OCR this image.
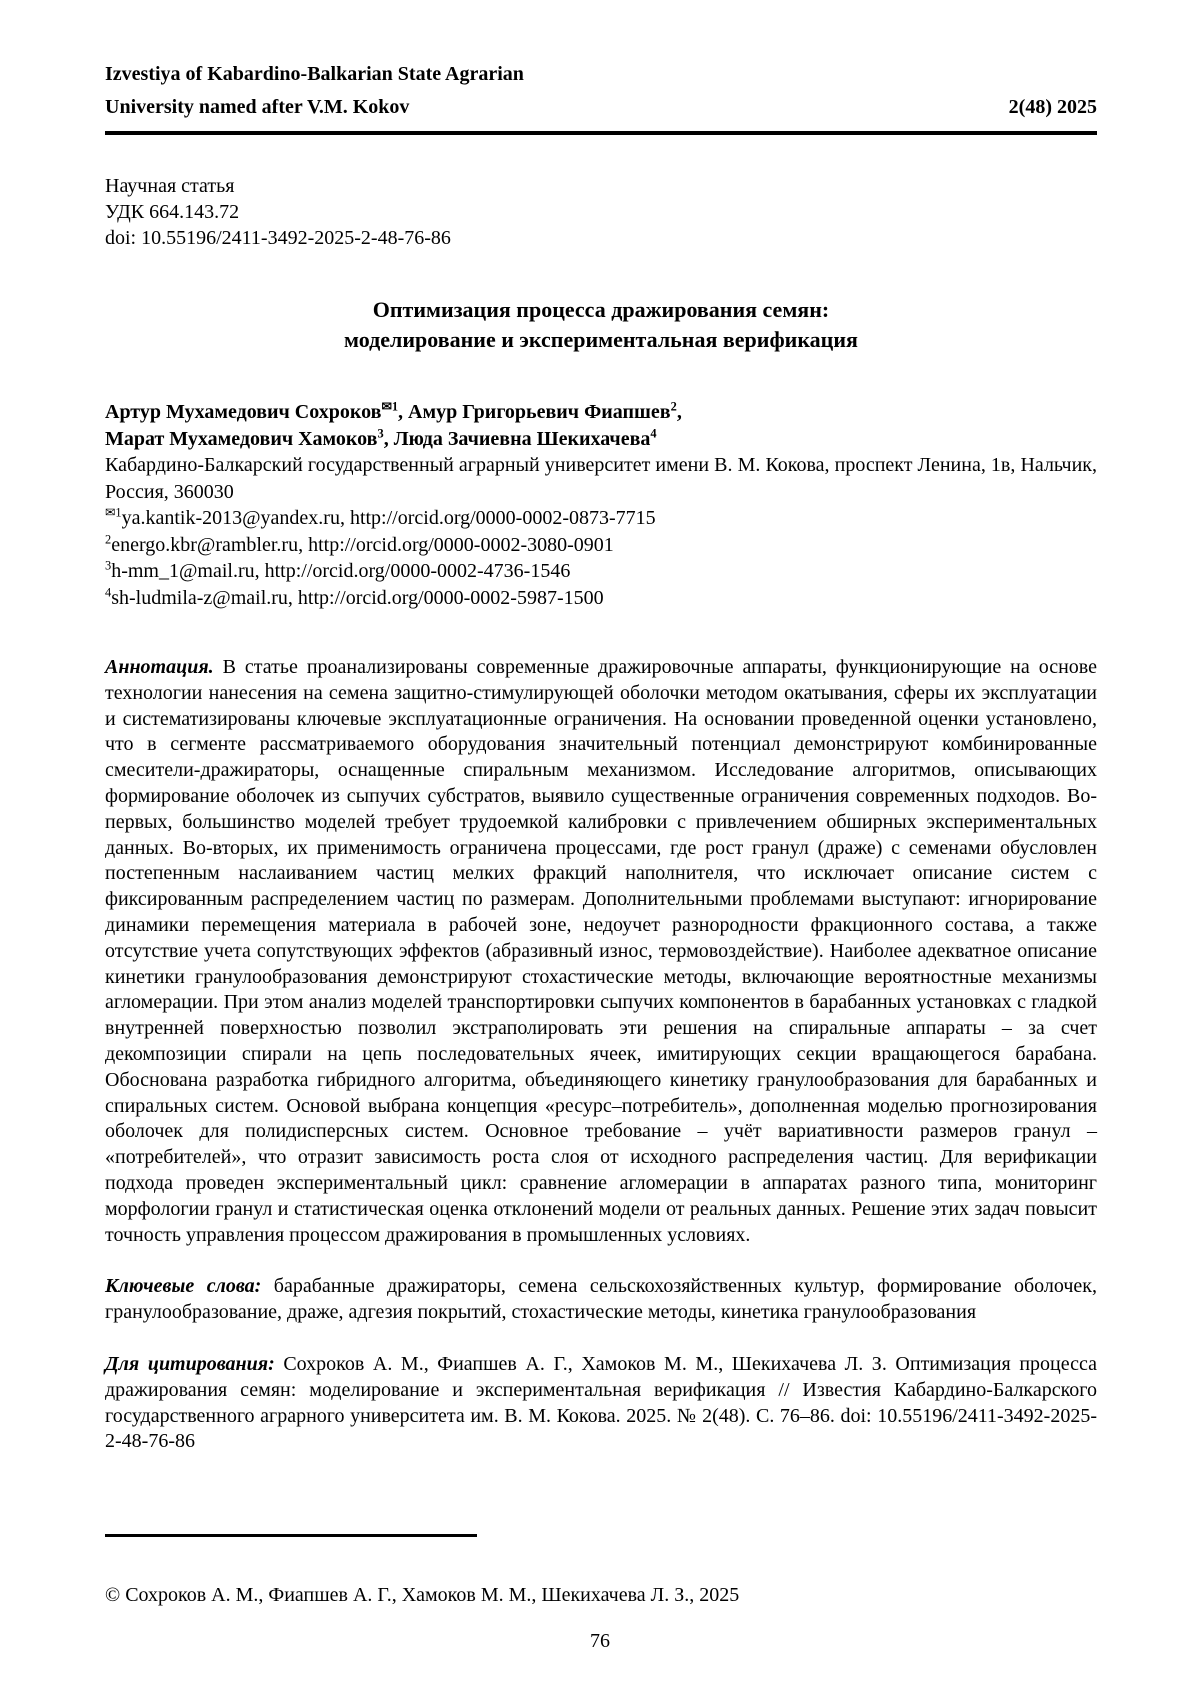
Izvestiya of Kabardino-Balkarian State Agrarian

University named after V.M. Kokov	2(48) 2025

Научная статья

УДК 664.143.72

doi: 10.55196/2411-3492-2025-2-48-76-86

Оптимизация процесса дражирования семян:

моделирование и экспериментальная верификация

Артур Мухамедович Сохроков$^{✉1}$, Амур Григорьевич Фиапшев$^2$,

Марат Мухамедович Хамоков$^3$, Люда Зачиевна Шекихачева$^4$

Кабардино-Балкарский государственный аграрный университет имени В. М. Кокова, проспект Ленина, 1в, Нальчик, Россия, 360030

$^{✉1}$ya.kantik-2013@yandex.ru, http://orcid.org/0000-0002-0873-7715

$^2$energo.kbr@rambler.ru, http://orcid.org/0000-0002-3080-0901

$^3$h-mm_1@mail.ru, http://orcid.org/0000-0002-4736-1546

$^4$sh-ludmila-z@mail.ru, http://orcid.org/0000-0002-5987-1500

Аннотация. В статье проанализированы современные дражировочные аппараты, функционирующие на основе технологии нанесения на семена защитно-стимулирующей оболочки методом окатывания, сферы их эксплуатации и систематизированы ключевые эксплуатационные ограничения. На основании проведенной оценки установлено, что в сегменте рассматриваемого оборудования значительный потенциал демонстрируют комбинированные смесители-дражираторы, оснащенные спиральным механизмом. Исследование алгоритмов, описывающих формирование оболочек из сыпучих субстратов, выявило существенные ограничения современных подходов. Во-первых, большинство моделей требует трудоемкой калибровки с привлечением обширных экспериментальных данных. Во-вторых, их применимость ограничена процессами, где рост гранул (драже) с семенами обусловлен постепенным наслаиванием частиц мелких фракций наполнителя, что исключает описание систем с фиксированным распределением частиц по размерам. Дополнительными проблемами выступают: игнорирование динамики перемещения материала в рабочей зоне, недоучет разнородности фракционного состава, а также отсутствие учета сопутствующих эффектов (абразивный износ, термовоздействие). Наиболее адекватное описание кинетики гранулообразования демонстрируют стохастические методы, включающие вероятностные механизмы агломерации. При этом анализ моделей транспортировки сыпучих компонентов в барабанных установках с гладкой внутренней поверхностью позволил экстраполировать эти решения на спиральные аппараты – за счет декомпозиции спирали на цепь последовательных ячеек, имитирующих секции вращающегося барабана. Обоснована разработка гибридного алгоритма, объединяющего кинетику гранулообразования для барабанных и спиральных систем. Основой выбрана концепция «ресурс–потребитель», дополненная моделью прогнозирования оболочек для полидисперсных систем. Основное требование – учёт вариативности размеров гранул – «потребителей», что отразит зависимость роста слоя от исходного распределения частиц. Для верификации подхода проведен экспериментальный цикл: сравнение агломерации в аппаратах разного типа, мониторинг морфологии гранул и статистическая оценка отклонений модели от реальных данных. Решение этих задач повысит точность управления процессом дражирования в промышленных условиях.

Ключевые слова: барабанные дражираторы, семена сельскохозяйственных культур, формирование оболочек, гранулообразование, драже, адгезия покрытий, стохастические методы, кинетика гранулообразования

Для цитирования: Сохроков А. М., Фиапшев А. Г., Хамоков М. М., Шекихачева Л. З. Оптимизация процесса дражирования семян: моделирование и экспериментальная верификация // Известия Кабардино-Балкарского государственного аграрного университета им. В. М. Кокова. 2025. № 2(48). С. 76–86. doi: 10.55196/2411-3492-2025-2-48-76-86

© Сохроков А. М., Фиапшев А. Г., Хамоков М. М., Шекихачева Л. З., 2025

76
